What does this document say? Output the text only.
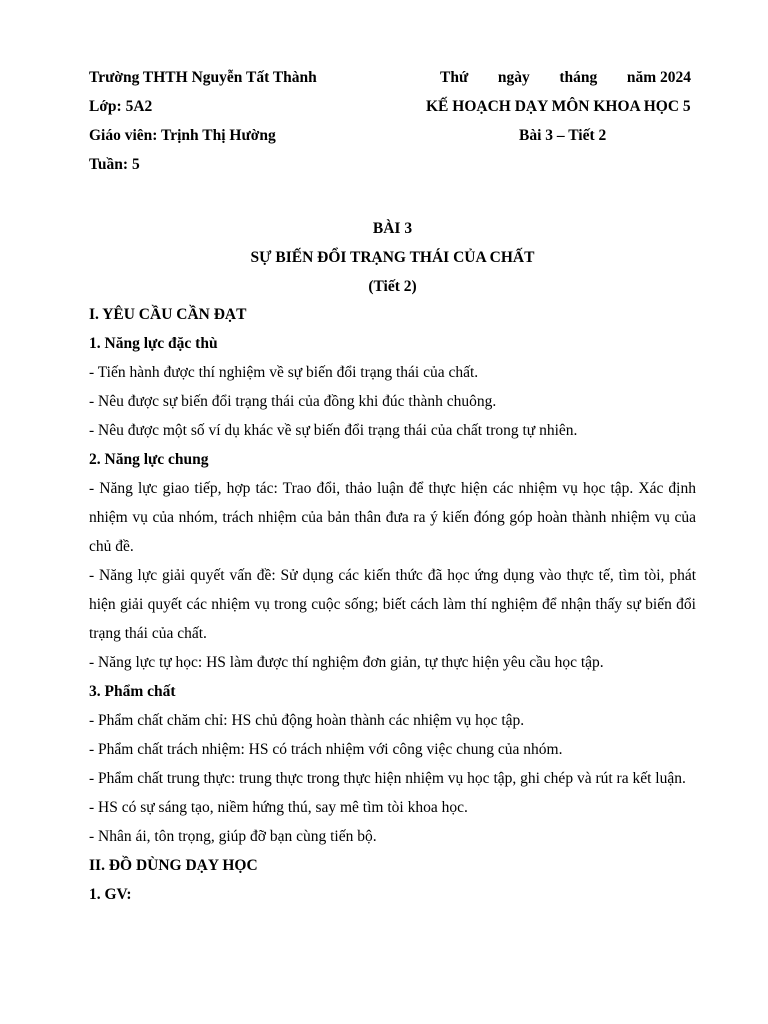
Trường THTH Nguyễn Tất Thành	Thứ ngày tháng năm 2024
Lớp: 5A2	KẾ HOẠCH DẠY MÔN KHOA HỌC 5
Giáo viên: Trịnh Thị Hường	Bài 3 – Tiết 2
Tuần: 5
BÀI 3
SỰ BIẾN ĐỔI TRẠNG THÁI CỦA CHẤT
(Tiết 2)
I. YÊU CẦU CẦN ĐẠT
1. Năng lực đặc thù
- Tiến hành được thí nghiệm về sự biến đổi trạng thái của chất.
- Nêu được sự biến đổi trạng thái của đồng khi đúc thành chuông.
- Nêu được một số ví dụ khác về sự biến đổi trạng thái của chất trong tự nhiên.
2. Năng lực chung
- Năng lực giao tiếp, hợp tác: Trao đổi, thảo luận để thực hiện các nhiệm vụ học tập. Xác định nhiệm vụ của nhóm, trách nhiệm của bản thân đưa ra ý kiến đóng góp hoàn thành nhiệm vụ của chủ đề.
- Năng lực giải quyết vấn đề: Sử dụng các kiến thức đã học ứng dụng vào thực tế, tìm tòi, phát hiện giải quyết các nhiệm vụ trong cuộc sống; biết cách làm thí nghiệm để nhận thấy sự biến đổi trạng thái của chất.
- Năng lực tự học: HS làm được thí nghiệm đơn giản, tự thực hiện yêu cầu học tập.
3. Phẩm chất
- Phẩm chất chăm chỉ: HS chủ động hoàn thành các nhiệm vụ học tập.
- Phẩm chất trách nhiệm: HS có trách nhiệm với công việc chung của nhóm.
- Phẩm chất trung thực: trung thực trong thực hiện nhiệm vụ học tập, ghi chép và rút ra kết luận.
- HS có sự sáng tạo, niềm hứng thú, say mê tìm tòi khoa học.
- Nhân ái, tôn trọng, giúp đỡ bạn cùng tiến bộ.
II. ĐỒ DÙNG DẠY HỌC
1. GV:
